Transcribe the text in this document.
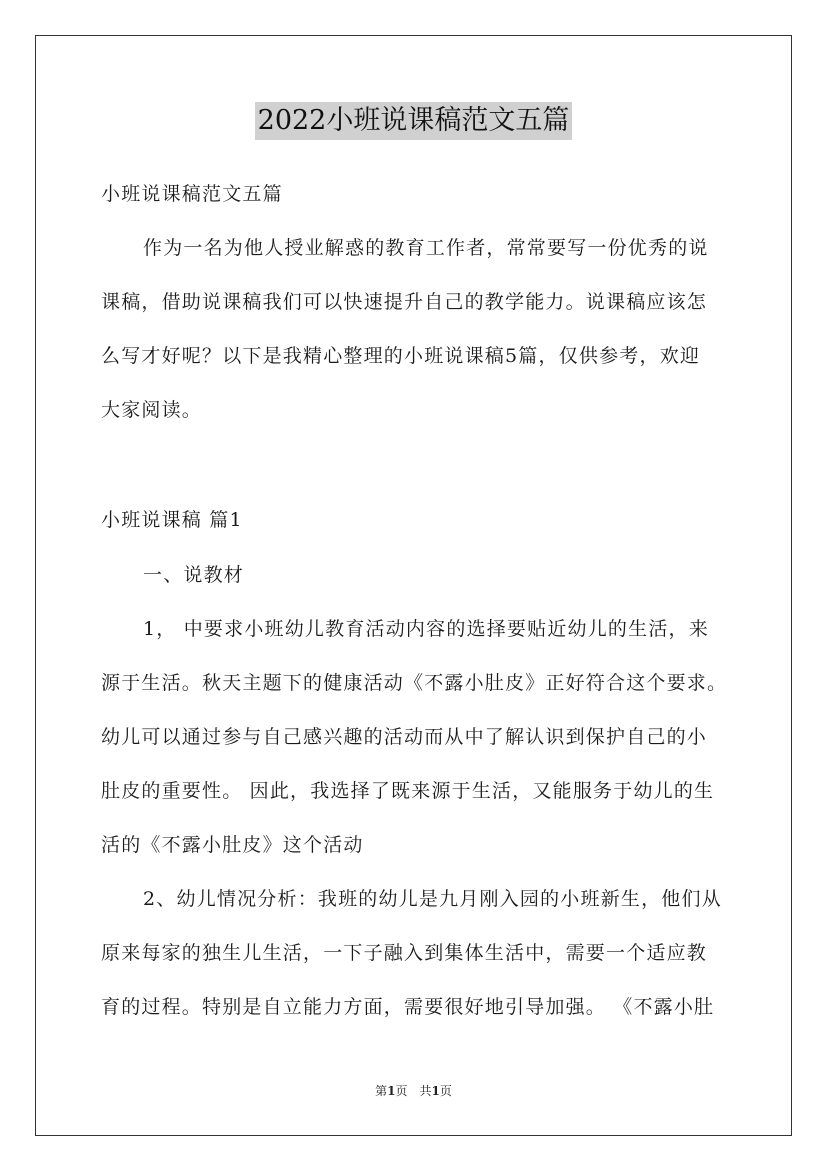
2022小班说课稿范文五篇
小班说课稿范文五篇
作为一名为他人授业解惑的教育工作者，常常要写一份优秀的说
课稿，借助说课稿我们可以快速提升自己的教学能力。说课稿应该怎
么写才好呢？以下是我精心整理的小班说课稿5篇，仅供参考，欢迎
大家阅读。
小班说课稿 篇1
一、说教材
1， 中要求小班幼儿教育活动内容的选择要贴近幼儿的生活，来
源于生活。秋天主题下的健康活动《不露小肚皮》正好符合这个要求。
幼儿可以通过参与自己感兴趣的活动而从中了解认识到保护自己的小
肚皮的重要性。 因此，我选择了既来源于生活，又能服务于幼儿的生
活的《不露小肚皮》这个活动
2、幼儿情况分析：我班的幼儿是九月刚入园的小班新生，他们从
原来每家的独生儿生活，一下子融入到集体生活中，需要一个适应教
育的过程。特别是自立能力方面，需要很好地引导加强。 《不露小肚
第1页　共1页
